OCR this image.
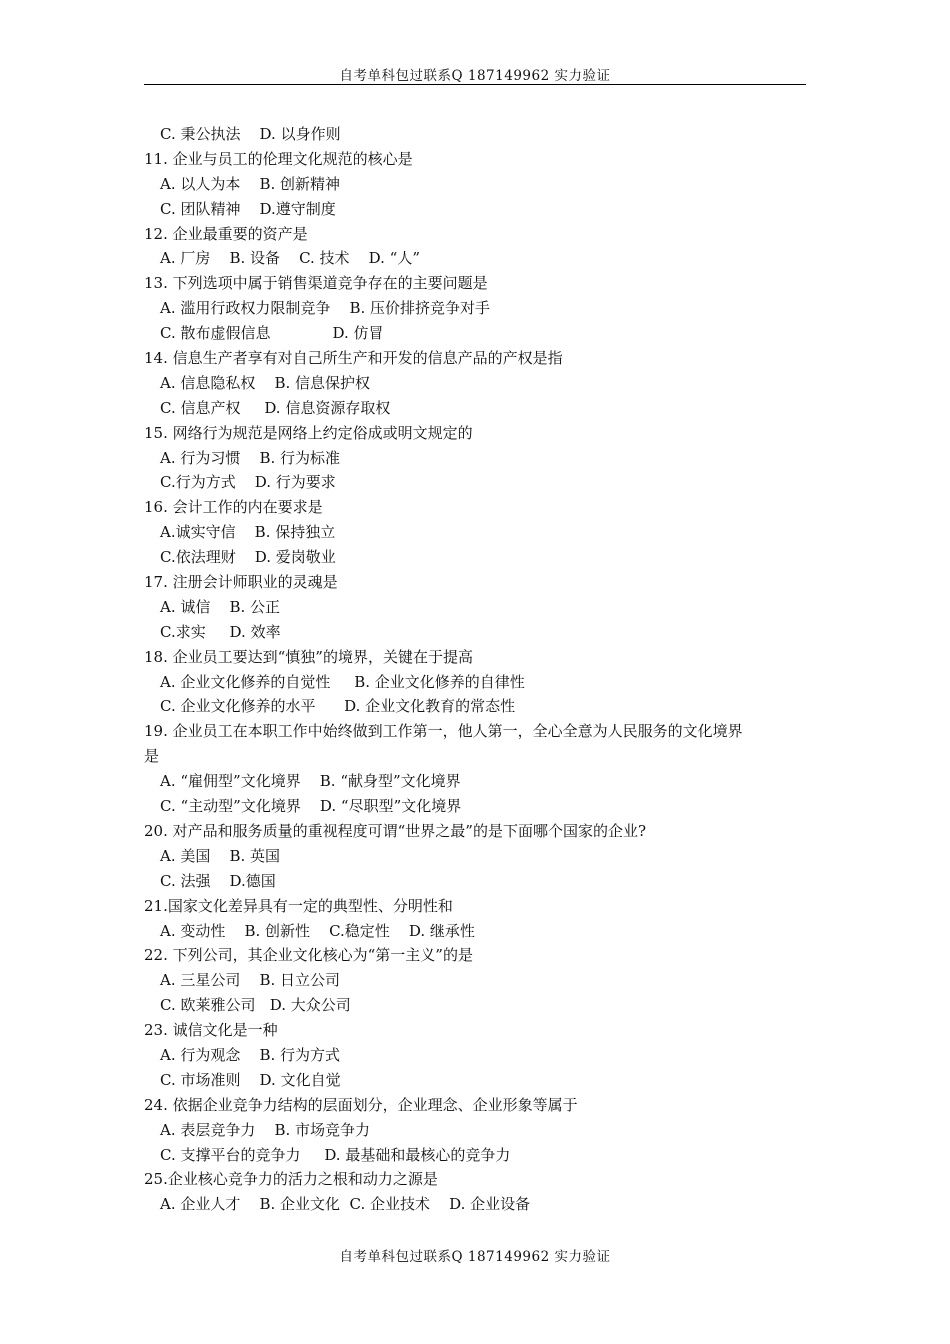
自考单科包过联系Q 187149962 实力验证
C. 秉公执法    D. 以身作则
11. 企业与员工的伦理文化规范的核心是
A. 以人为本    B. 创新精神
C. 团队精神    D.遵守制度
12. 企业最重要的资产是
A. 厂房    B. 设备    C. 技术    D. “人”
13. 下列选项中属于销售渠道竞争存在的主要问题是
A. 滥用行政权力限制竞争    B. 压价排挤竞争对手
C. 散布虚假信息             D. 仿冒
14. 信息生产者享有对自己所生产和开发的信息产品的产权是指
A. 信息隐私权    B. 信息保护权
C. 信息产权     D. 信息资源存取权
15. 网络行为规范是网络上约定俗成或明文规定的
A. 行为习惯    B. 行为标准
C.行为方式    D. 行为要求
16. 会计工作的内在要求是
A.诚实守信    B. 保持独立
C.依法理财    D. 爱岗敬业
17. 注册会计师职业的灵魂是
A. 诚信    B. 公正
C.求实     D. 效率
18. 企业员工要达到“慎独”的境界，关键在于提高
A. 企业文化修养的自觉性     B. 企业文化修养的自律性
C. 企业文化修养的水平      D. 企业文化教育的常态性
19. 企业员工在本职工作中始终做到工作第一，他人第一，全心全意为人民服务的文化境界
是
A. “雇佣型”文化境界    B. “献身型”文化境界
C. “主动型”文化境界    D. “尽职型”文化境界
20. 对产品和服务质量的重视程度可谓“世界之最”的是下面哪个国家的企业?
A. 美国    B. 英国
C. 法强    D.德国
21.国家文化差异具有一定的典型性、分明性和
A. 变动性    B. 创新性    C.稳定性    D. 继承性
22. 下列公司，其企业文化核心为“第一主义”的是
A. 三星公司    B. 日立公司
C. 欧莱雅公司   D. 大众公司
23. 诚信文化是一种
A. 行为观念    B. 行为方式
C. 市场准则    D. 文化自觉
24. 依据企业竞争力结构的层面划分，企业理念、企业形象等属于
A. 表层竞争力    B. 市场竞争力
C. 支撑平台的竞争力     D. 最基础和最核心的竞争力
25.企业核心竞争力的活力之根和动力之源是
A. 企业人才    B. 企业文化  C. 企业技术    D. 企业设备
自考单科包过联系Q 187149962 实力验证
